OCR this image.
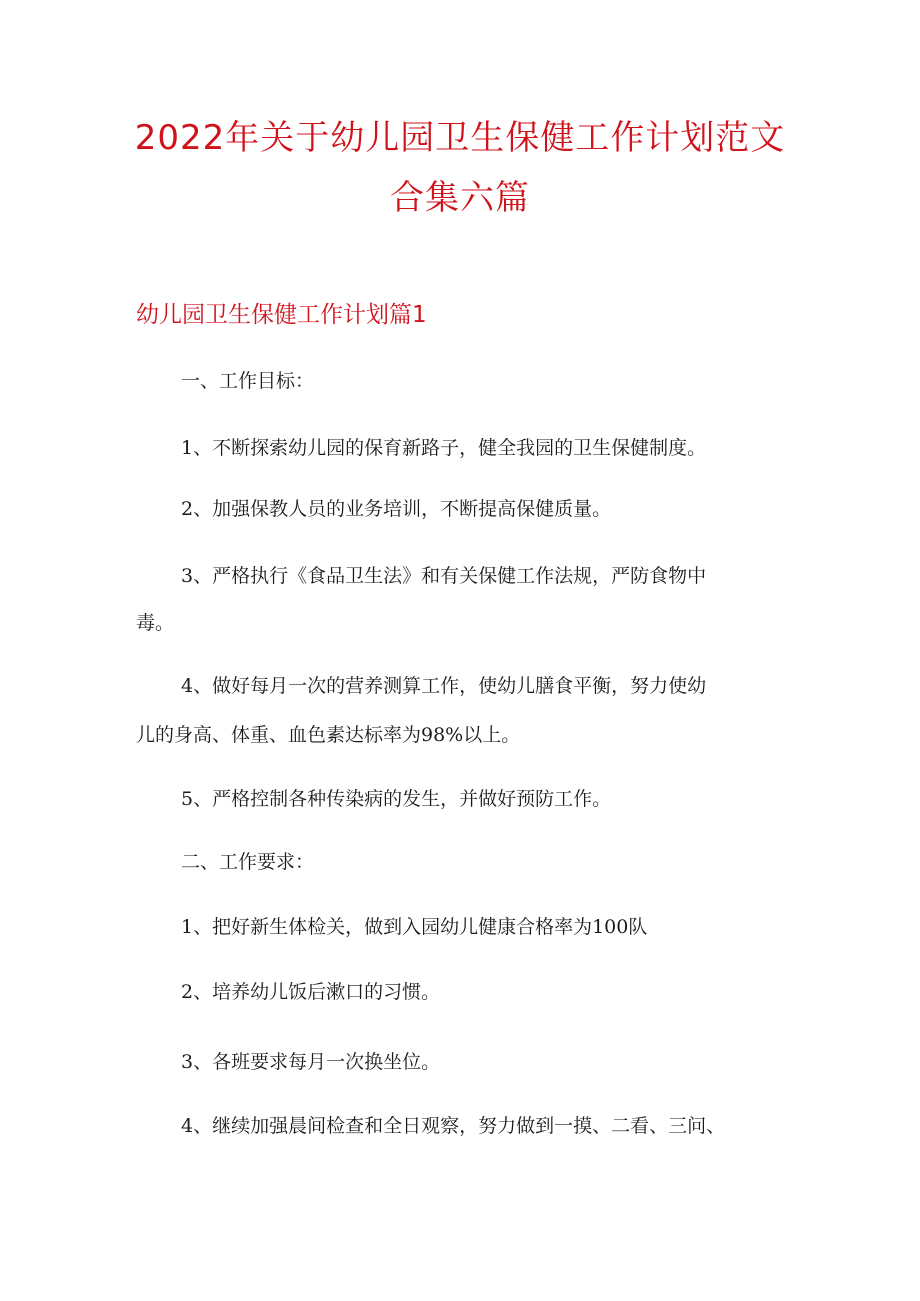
2022年关于幼儿园卫生保健工作计划范文
合集六篇
幼儿园卫生保健工作计划篇1

一、工作目标：

1、不断探索幼儿园的保育新路子，健全我园的卫生保健制度。

2、加强保教人员的业务培训，不断提高保健质量。

3、严格执行《食品卫生法》和有关保健工作法规，严防食物中

毒。

4、做好每月一次的营养测算工作，使幼儿膳食平衡，努力使幼

儿的身高、体重、血色素达标率为98%以上。

5、严格控制各种传染病的发生，并做好预防工作。

二、工作要求：

1、把好新生体检关，做到入园幼儿健康合格率为100队

2、培养幼儿饭后漱口的习惯。

3、各班要求每月一次换坐位。

4、继续加强晨间检查和全日观察，努力做到一摸、二看、三问、
